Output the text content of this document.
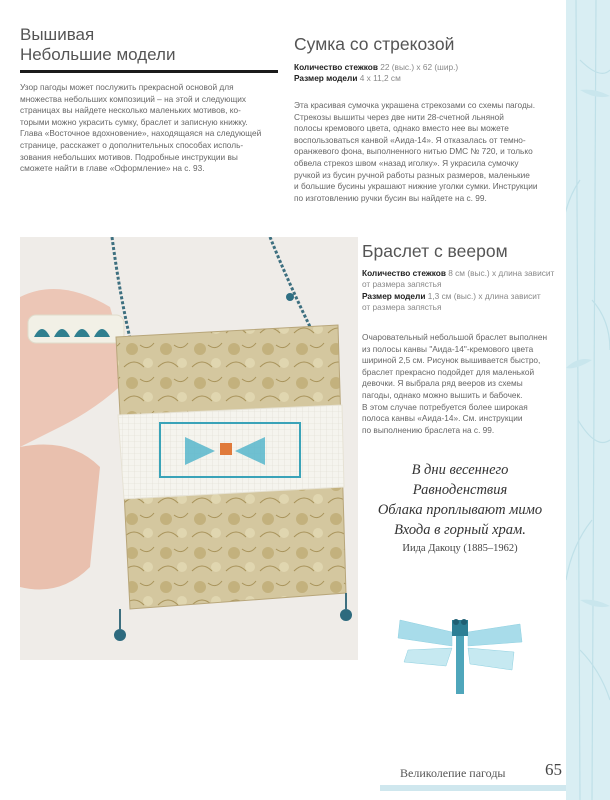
Вышивая
Небольшие модели
Узор пагоды может послужить прекрасной основой для
множества небольших композиций – на этой и следующих
страницах вы найдете несколько маленьких мотивов, ко-
торыми можно украсить сумку, браслет и записную книжку.
Глава «Восточное вдохновение», находящаяся на следующей
странице, расскажет о дополнительных способах исполь-
зования небольших мотивов. Подробные инструкции вы
сможете найти в главе «Оформление» на с. 93.
Сумка со стрекозой
Количество стежков 22 (выс.) x 62 (шир.)
Размер модели 4 x 11,2 см
Эта красивая сумочка украшена стрекозами со схемы пагоды.
Стрекозы вышиты через две нити 28-счетной льняной
полосы кремового цвета, однако вместо нее вы можете
воспользоваться канвой «Аида-14». Я отказалась от темно-
оранжевого фона, выполненного нитью DMC № 720, и только
обвела стрекоз швом «назад иголку». Я украсила сумочку
ручкой из бусин ручной работы разных размеров, маленькие
и большие бусины украшают нижние уголки сумки. Инструкции
по изготовлению ручки бусин вы найдете на с. 99.
Браслет с веером
Количество стежков 8 см (выс.) x длина зависит
от размера запястья
Размер модели 1,3 см (выс.) x длина зависит
от размера запястья
Очаровательный небольшой браслет выполнен
из полосы канвы "Аида-14"-кремового цвета
шириной 2,5 см. Рисунок вышивается быстро,
браслет прекрасно подойдет для маленькой
девочки. Я выбрала ряд вееров из схемы
пагоды, однако можно вышить и бабочек.
В этом случае потребуется более широкая
полоса канвы «Аида-14». См. инструкции
по выполнению браслета на с. 99.
В дни весеннего
Равноденствия
Облака проплывают мимо
Входа в горный храм.
Иида Дакоцу (1885–1962)
Великолепие пагоды 65
